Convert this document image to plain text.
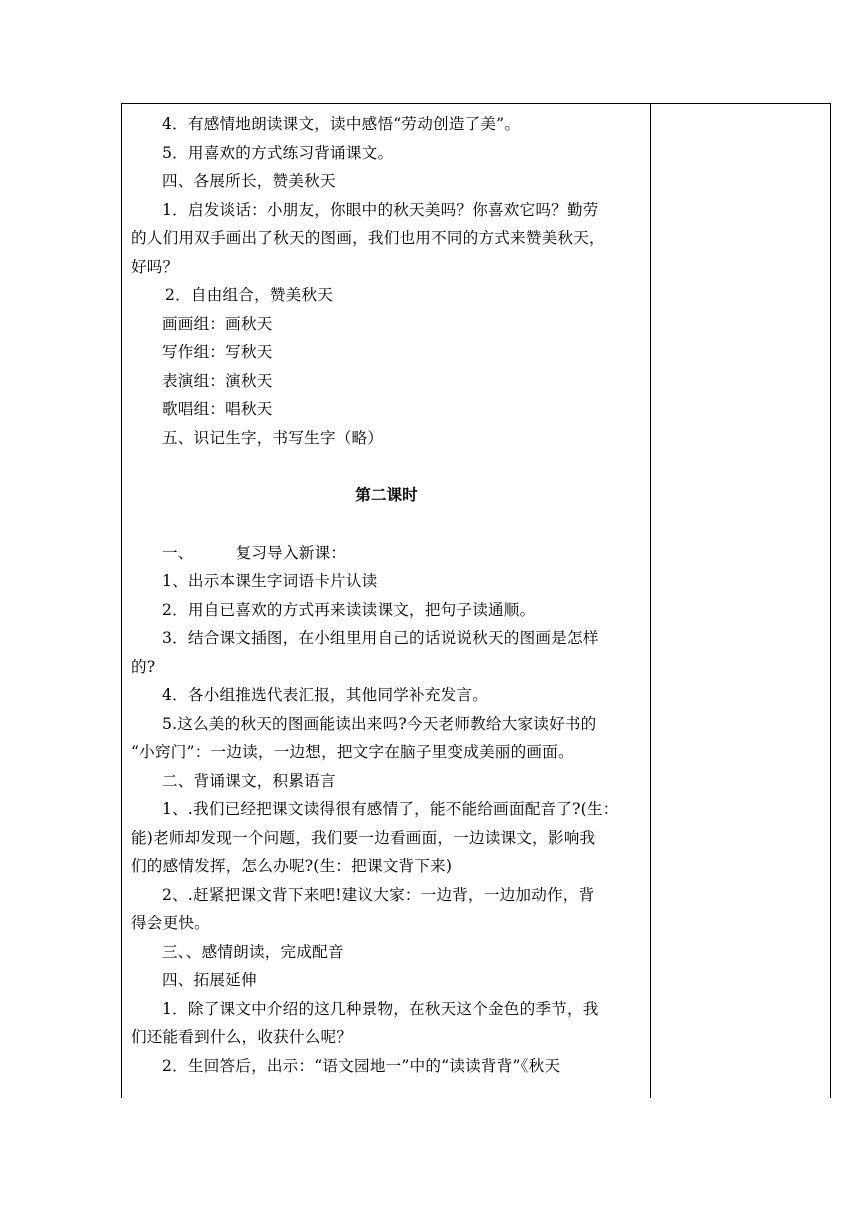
4．有感情地朗读课文，读中感悟“劳动创造了美”。
5．用喜欢的方式练习背诵课文。
四、各展所长，赞美秋天
1．启发谈话：小朋友，你眼中的秋天美吗？你喜欢它吗？勤劳
的人们用双手画出了秋天的图画，我们也用不同的方式来赞美秋天，
好吗？
2．自由组合，赞美秋天
画画组：画秋天
写作组：写秋天
表演组：演秋天
歌唱组：唱秋天
五、识记生字，书写生字（略）
第二课时
一、	复习导入新课：
1、出示本课生字词语卡片认读
2．用自已喜欢的方式再来读读课文，把句子读通顺。
3．结合课文插图，在小组里用自己的话说说秋天的图画是怎样
的?
4．各小组推选代表汇报，其他同学补充发言。
5.这么美的秋天的图画能读出来吗?今天老师教给大家读好书的
“小窍门”：一边读，一边想，把文字在脑子里变成美丽的画面。
二、背诵课文，积累语言
1、.我们已经把课文读得很有感情了，能不能给画面配音了?(生：
能)老师却发现一个问题，我们要一边看画面，一边读课文，影响我
们的感情发挥，怎么办呢?(生：把课文背下来)
2、.赶紧把课文背下来吧!建议大家：一边背，一边加动作，背
得会更快。
三、、感情朗读，完成配音
四、拓展延伸
1．除了课文中介绍的这几种景物，在秋天这个金色的季节，我
们还能看到什么，收获什么呢？
2．生回答后，出示：“语文园地一”中的“读读背背”《秋天
